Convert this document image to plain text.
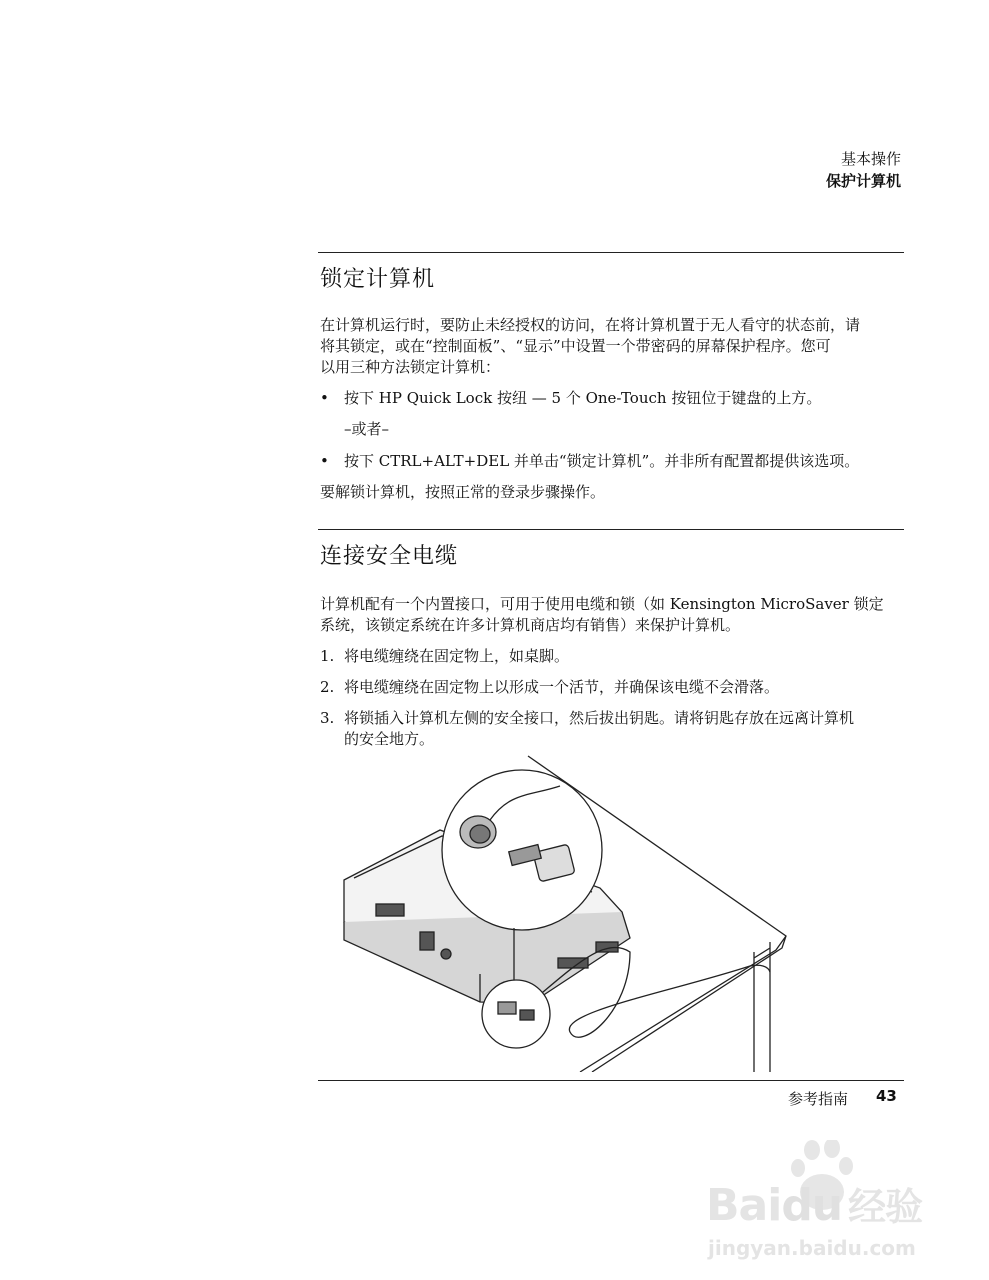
基本操作
保护计算机
锁定计算机
在计算机运行时，要防止未经授权的访问，在将计算机置于无人看守的状态前，请
将其锁定，或在“控制面板”、“显示”中设置一个带密码的屏幕保护程序。您可
以用三种方法锁定计算机：
• 按下 HP Quick Lock 按纽 — 5 个 One-Touch 按钮位于键盘的上方。
–或者–
• 按下 CTRL+ALT+DEL 并单击“锁定计算机”。并非所有配置都提供该选项。
要解锁计算机，按照正常的登录步骤操作。
连接安全电缆
计算机配有一个内置接口，可用于使用电缆和锁（如 Kensington MicroSaver 锁定
系统，该锁定系统在许多计算机商店均有销售）来保护计算机。
1. 将电缆缠绕在固定物上，如桌脚。
2. 将电缆缠绕在固定物上以形成一个活节，并确保该电缆不会滑落。
3. 将锁插入计算机左侧的安全接口，然后拔出钥匙。请将钥匙存放在远离计算机
的安全地方。
参考指南 43
Baidu 经验
jingyan.baidu.com
